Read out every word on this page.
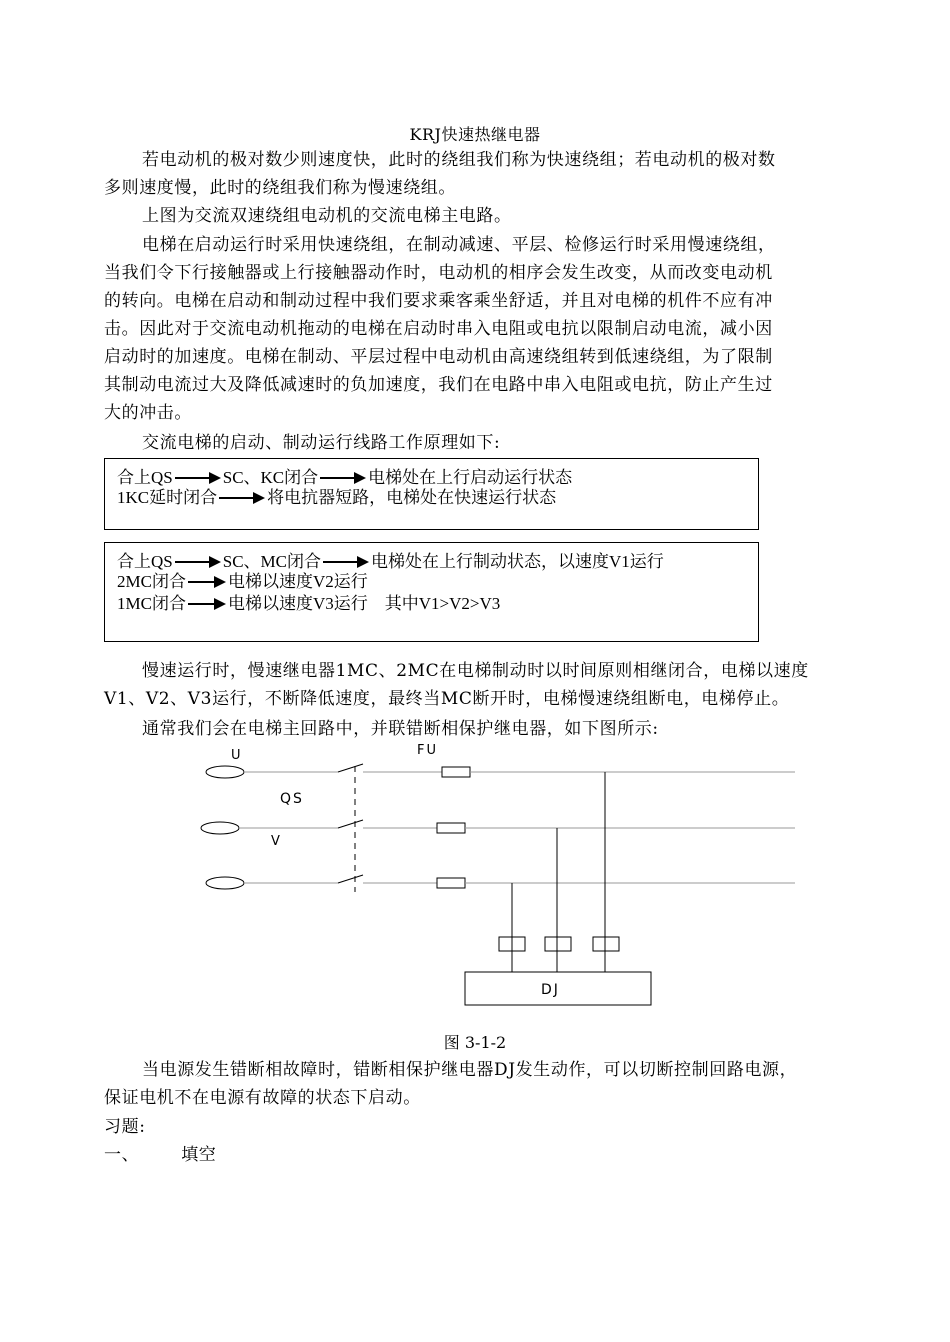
KRJ快速热继电器
若电动机的极对数少则速度快，此时的绕组我们称为快速绕组；若电动机的极对数
多则速度慢，此时的绕组我们称为慢速绕组。
上图为交流双速绕组电动机的交流电梯主电路。
电梯在启动运行时采用快速绕组，在制动减速、平层、检修运行时采用慢速绕组，
当我们令下行接触器或上行接触器动作时，电动机的相序会发生改变，从而改变电动机
的转向。电梯在启动和制动过程中我们要求乘客乘坐舒适，并且对电梯的机件不应有冲
击。因此对于交流电动机拖动的电梯在启动时串入电阻或电抗以限制启动电流，减小因
启动时的加速度。电梯在制动、平层过程中电动机由高速绕组转到低速绕组，为了限制
其制动电流过大及降低减速时的负加速度，我们在电路中串入电阻或电抗，防止产生过
大的冲击。
交流电梯的启动、制动运行线路工作原理如下:
合上QS	SC、KC闭合	电梯处在上行启动运行状态
1KC延时闭合	将电抗器短路，电梯处在快速运行状态
合上QS	SC、MC闭合	电梯处在上行制动状态，以速度V1运行
2MC闭合 电梯以速度V2运行
1MC闭合 电梯以速度V3运行　其中V1>V2>V3
慢速运行时，慢速继电器1MC、2MC在电梯制动时以时间原则相继闭合，电梯以速度
V1、V2、V3运行，不断降低速度，最终当MC断开时，电梯慢速绕组断电，电梯停止。
通常我们会在电梯主回路中，并联错断相保护继电器，如下图所示:
U	FU
QS
V
DJ
图 3-1-2
当电源发生错断相故障时，错断相保护继电器DJ发生动作，可以切断控制回路电源，
保证电机不在电源有故障的状态下启动。
习题:
一、 填空
